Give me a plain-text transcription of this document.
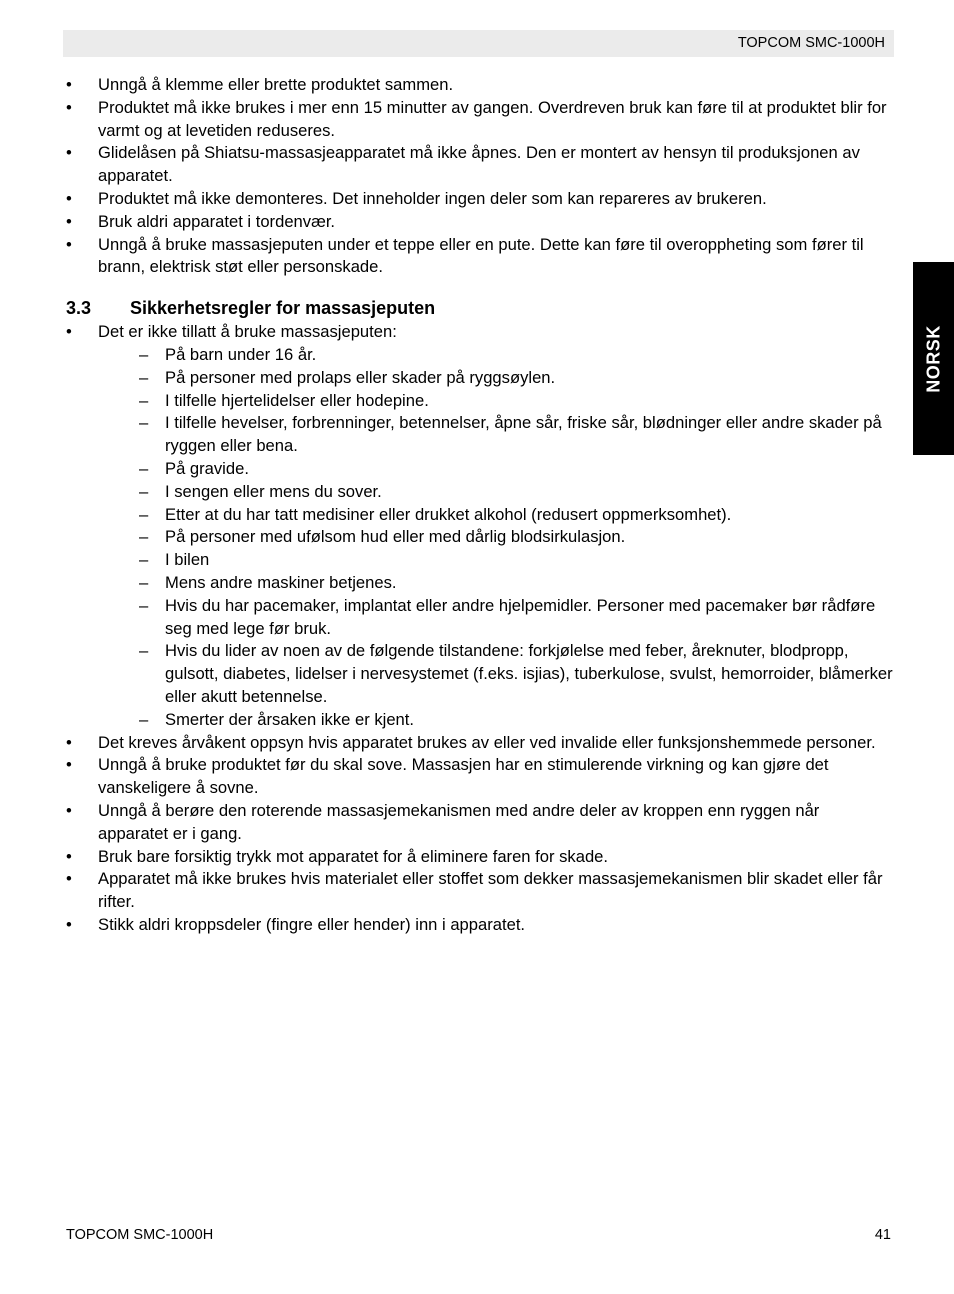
TOPCOM SMC-1000H
NORSK
• Unngå å klemme eller brette produktet sammen.
• Produktet må ikke brukes i mer enn 15 minutter av gangen. Overdreven bruk kan føre til at produktet blir for varmt og at levetiden reduseres.
• Glidelåsen på Shiatsu-massasjeapparatet må ikke åpnes. Den er montert av hensyn til produksjonen av apparatet.
• Produktet må ikke demonteres. Det inneholder ingen deler som kan repareres av brukeren.
• Bruk aldri apparatet i tordenvær.
• Unngå å bruke massasjeputen under et teppe eller en pute. Dette kan føre til overoppheting som fører til brann, elektrisk støt eller personskade.
3.3 Sikkerhetsregler for massasjeputen
• Det er ikke tillatt å bruke massasjeputen:
– På barn under 16 år.
– På personer med prolaps eller skader på ryggsøylen.
– I tilfelle hjertelidelser eller hodepine.
– I tilfelle hevelser, forbrenninger, betennelser, åpne sår, friske sår, blødninger eller andre skader på ryggen eller bena.
– På gravide.
– I sengen eller mens du sover.
– Etter at du har tatt medisiner eller drukket alkohol (redusert oppmerksomhet).
– På personer med ufølsom hud eller med dårlig blodsirkulasjon.
– I bilen
– Mens andre maskiner betjenes.
– Hvis du har pacemaker, implantat eller andre hjelpemidler. Personer med pacemaker bør rådføre seg med lege før bruk.
– Hvis du lider av noen av de følgende tilstandene: forkjølelse med feber, åreknuter, blodpropp, gulsott, diabetes, lidelser i nervesystemet (f.eks. isjias), tuberkulose, svulst, hemorroider, blåmerker eller akutt betennelse.
– Smerter der årsaken ikke er kjent.
• Det kreves årvåkent oppsyn hvis apparatet brukes av eller ved invalide eller funksjonshemmede personer.
• Unngå å bruke produktet før du skal sove. Massasjen har en stimulerende virkning og kan gjøre det vanskeligere å sovne.
• Unngå å berøre den roterende massasjemekanismen med andre deler av kroppen enn ryggen når apparatet er i gang.
• Bruk bare forsiktig trykk mot apparatet for å eliminere faren for skade.
• Apparatet må ikke brukes hvis materialet eller stoffet som dekker massasjemekanismen blir skadet eller får rifter.
• Stikk aldri kroppsdeler (fingre eller hender) inn i apparatet.
TOPCOM SMC-1000H	41
